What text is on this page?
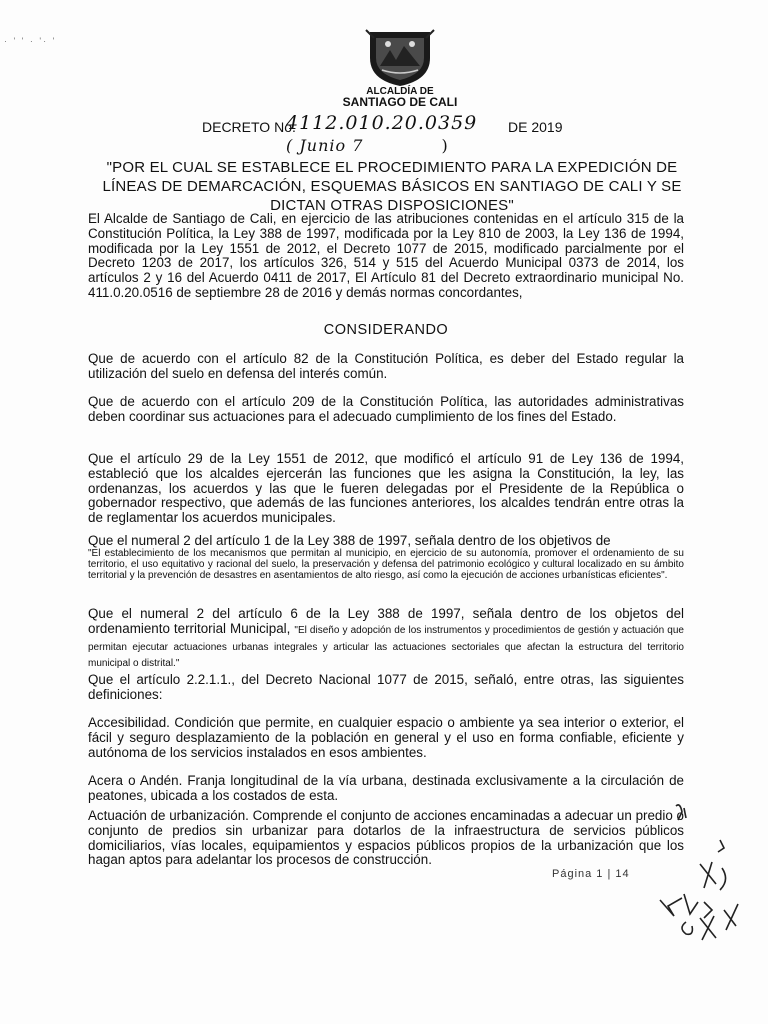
· ' ' · '· '
ALCALDÍA DE
SANTIAGO DE CALI
DECRETO No.
4112.010.20.0359 DE 2019
( Junio 7	)
"POR EL CUAL SE ESTABLECE EL PROCEDIMIENTO PARA LA EXPEDICIÓN DE LÍNEAS DE DEMARCACIÓN, ESQUEMAS BÁSICOS EN SANTIAGO DE CALI Y SE DICTAN OTRAS DISPOSICIONES"
El Alcalde de Santiago de Cali, en ejercicio de las atribuciones contenidas en el artículo 315 de la Constitución Política, la Ley 388 de 1997, modificada por la Ley 810 de 2003, la Ley 136 de 1994, modificada por la Ley 1551 de 2012, el Decreto 1077 de 2015, modificado parcialmente por el Decreto 1203 de 2017, los artículos 326, 514 y 515 del Acuerdo Municipal 0373 de 2014, los artículos 2 y 16 del Acuerdo 0411 de 2017, El Artículo 81 del Decreto extraordinario municipal No. 411.0.20.0516 de septiembre 28 de 2016 y demás normas concordantes,
CONSIDERANDO
Que de acuerdo con el artículo 82 de la Constitución Política, es deber del Estado regular la utilización del suelo en defensa del interés común.
Que de acuerdo con el artículo 209 de la Constitución Política, las autoridades administrativas deben coordinar sus actuaciones para el adecuado cumplimiento de los fines del Estado.
Que el artículo 29 de la Ley 1551 de 2012, que modificó el artículo 91 de Ley 136 de 1994, estableció que los alcaldes ejercerán las funciones que les asigna la Constitución, la ley, las ordenanzas, los acuerdos y las que le fueren delegadas por el Presidente de la República o gobernador respectivo, que además de las funciones anteriores, los alcaldes tendrán entre otras la de reglamentar los acuerdos municipales.
Que el numeral 2 del artículo 1 de la Ley 388 de 1997, señala dentro de los objetivos de
"El establecimiento de los mecanismos que permitan al municipio, en ejercicio de su autonomía, promover el ordenamiento de su territorio, el uso equitativo y racional del suelo, la preservación y defensa del patrimonio ecológico y cultural localizado en su ámbito territorial y la prevención de desastres en asentamientos de alto riesgo, así como la ejecución de acciones urbanísticas eficientes".
Que el numeral 2 del artículo 6 de la Ley 388 de 1997, señala dentro de los objetos del ordenamiento territorial Municipal, "El diseño y adopción de los instrumentos y procedimientos de gestión y actuación que permitan ejecutar actuaciones urbanas integrales y articular las actuaciones sectoriales que afectan la estructura del territorio municipal o distrital."
Que el artículo 2.2.1.1., del Decreto Nacional 1077 de 2015, señaló, entre otras, las siguientes definiciones:
Accesibilidad. Condición que permite, en cualquier espacio o ambiente ya sea interior o exterior, el fácil y seguro desplazamiento de la población en general y el uso en forma confiable, eficiente y autónoma de los servicios instalados en esos ambientes.
Acera o Andén. Franja longitudinal de la vía urbana, destinada exclusivamente a la circulación de peatones, ubicada a los costados de esta.
Actuación de urbanización. Comprende el conjunto de acciones encaminadas a adecuar un predio o conjunto de predios sin urbanizar para dotarlos de la infraestructura de servicios públicos domiciliarios, vías locales, equipamientos y espacios públicos propios de la urbanización que los hagan aptos para adelantar los procesos de construcción.
Página 1 | 14
